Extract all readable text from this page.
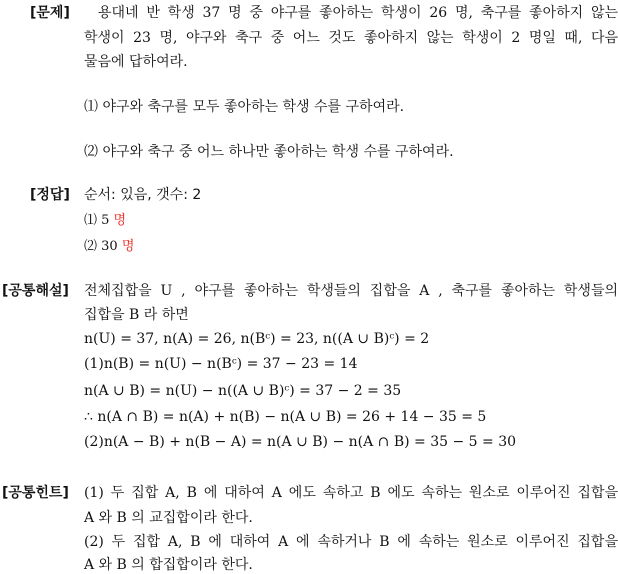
[문제] 용대네 반 학생 37 명 중 야구를 좋아하는 학생이 26 명, 축구를 좋아하지 않는
학생이 23 명, 야구와 축구 중 어느 것도 좋아하지 않는 학생이 2 명일 때, 다음
물음에 답하여라.
⑴ 야구와 축구를 모두 좋아하는 학생 수를 구하여라.
⑵ 야구와 축구 중 어느 하나만 좋아하는 학생 수를 구하여라.
[정답] 순서: 있음, 갯수: 2
⑴ 5 명
⑵ 30 명
[공통해설] 전체집합을 U , 야구를 좋아하는 학생들의 집합을 A , 축구를 좋아하는 학생들의
집합을 B 라 하면
n(U) = 37, n(A) = 26, n(Bᶜ) = 23, n((A ∪ B)ᶜ) = 2
(1)n(B) = n(U) − n(Bᶜ) = 37 − 23 = 14
n(A ∪ B) = n(U) − n((A ∪ B)ᶜ) = 37 − 2 = 35
∴ n(A ∩ B) = n(A) + n(B) − n(A ∪ B) = 26 + 14 − 35 = 5
(2)n(A − B) + n(B − A) = n(A ∪ B) − n(A ∩ B) = 35 − 5 = 30
[공통힌트] (1) 두 집합 A, B 에 대하여 A 에도 속하고 B 에도 속하는 원소로 이루어진 집합을
A 와 B 의 교집합이라 한다.
(2) 두 집합 A, B 에 대하여 A 에 속하거나 B 에 속하는 원소로 이루어진 집합을
A 와 B 의 합집합이라 한다.
